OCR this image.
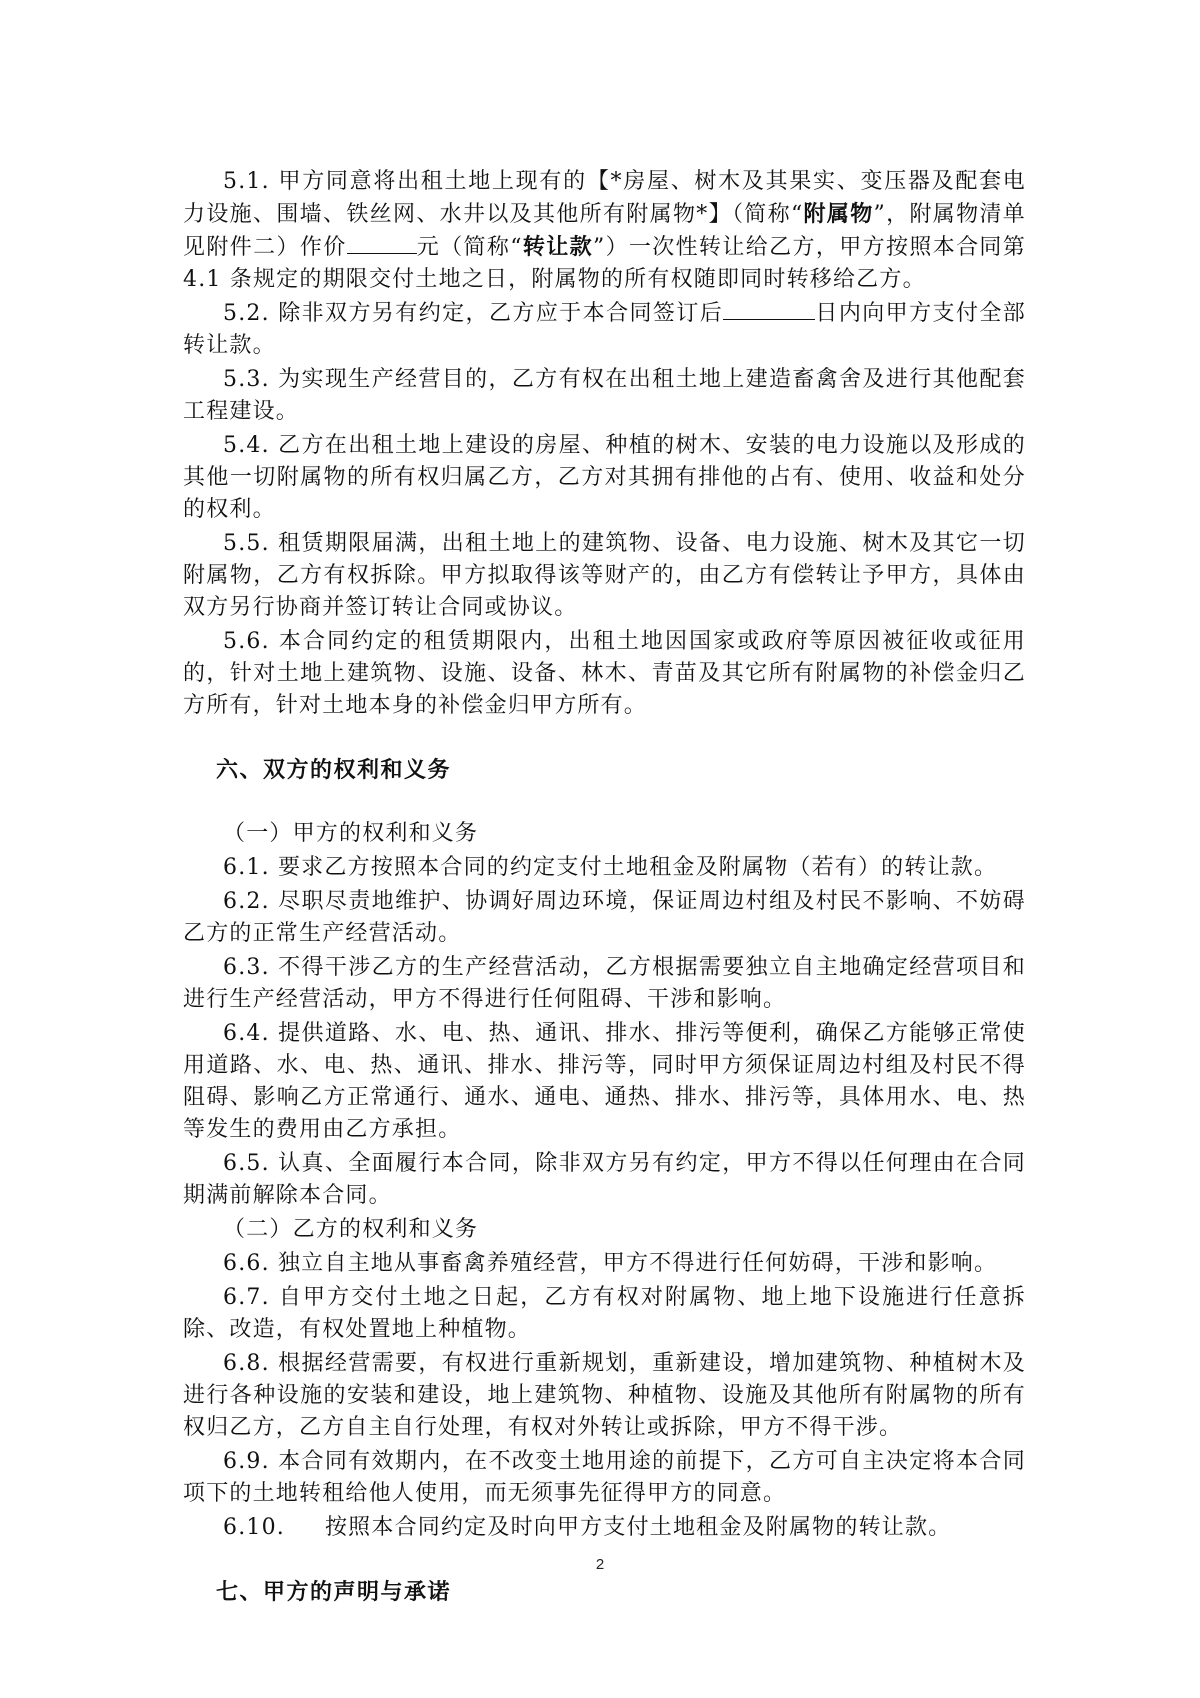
5.1. 甲方同意将出租土地上现有的【*房屋、树木及其果实、变压器及配套电力设施、围墙、铁丝网、水井以及其他所有附属物*】（简称“附属物”，附属物清单见附件二）作价	元（简称“转让款”）一次性转让给乙方，甲方按照本合同第 4.1 条规定的期限交付土地之日，附属物的所有权随即同时转移给乙方。

5.2. 除非双方另有约定，乙方应于本合同签订后	日内向甲方支付全部转让款。

5.3. 为实现生产经营目的，乙方有权在出租土地上建造畜禽舍及进行其他配套工程建设。

5.4. 乙方在出租土地上建设的房屋、种植的树木、安装的电力设施以及形成的其他一切附属物的所有权归属乙方，乙方对其拥有排他的占有、使用、收益和处分的权利。

5.5. 租赁期限届满，出租土地上的建筑物、设备、电力设施、树木及其它一切附属物，乙方有权拆除。甲方拟取得该等财产的，由乙方有偿转让予甲方，具体由双方另行协商并签订转让合同或协议。

5.6. 本合同约定的租赁期限内，出租土地因国家或政府等原因被征收或征用的，针对土地上建筑物、设施、设备、林木、青苗及其它所有附属物的补偿金归乙方所有，针对土地本身的补偿金归甲方所有。

六、双方的权利和义务

（一）甲方的权利和义务

6.1. 要求乙方按照本合同的约定支付土地租金及附属物（若有）的转让款。

6.2. 尽职尽责地维护、协调好周边环境，保证周边村组及村民不影响、不妨碍乙方的正常生产经营活动。

6.3. 不得干涉乙方的生产经营活动，乙方根据需要独立自主地确定经营项目和进行生产经营活动，甲方不得进行任何阻碍、干涉和影响。

6.4. 提供道路、水、电、热、通讯、排水、排污等便利，确保乙方能够正常使用道路、水、电、热、通讯、排水、排污等，同时甲方须保证周边村组及村民不得阻碍、影响乙方正常通行、通水、通电、通热、排水、排污等，具体用水、电、热等发生的费用由乙方承担。

6.5. 认真、全面履行本合同，除非双方另有约定，甲方不得以任何理由在合同期满前解除本合同。

（二）乙方的权利和义务

6.6. 独立自主地从事畜禽养殖经营，甲方不得进行任何妨碍，干涉和影响。

6.7. 自甲方交付土地之日起，乙方有权对附属物、地上地下设施进行任意拆除、改造，有权处置地上种植物。

6.8. 根据经营需要，有权进行重新规划，重新建设，增加建筑物、种植树木及进行各种设施的安装和建设，地上建筑物、种植物、设施及其他所有附属物的所有权归乙方，乙方自主自行处理，有权对外转让或拆除，甲方不得干涉。

6.9. 本合同有效期内，在不改变土地用途的前提下，乙方可自主决定将本合同项下的土地转租给他人使用，而无须事先征得甲方的同意。

6.10. 按照本合同约定及时向甲方支付土地租金及附属物的转让款。

七、甲方的声明与承诺
2
